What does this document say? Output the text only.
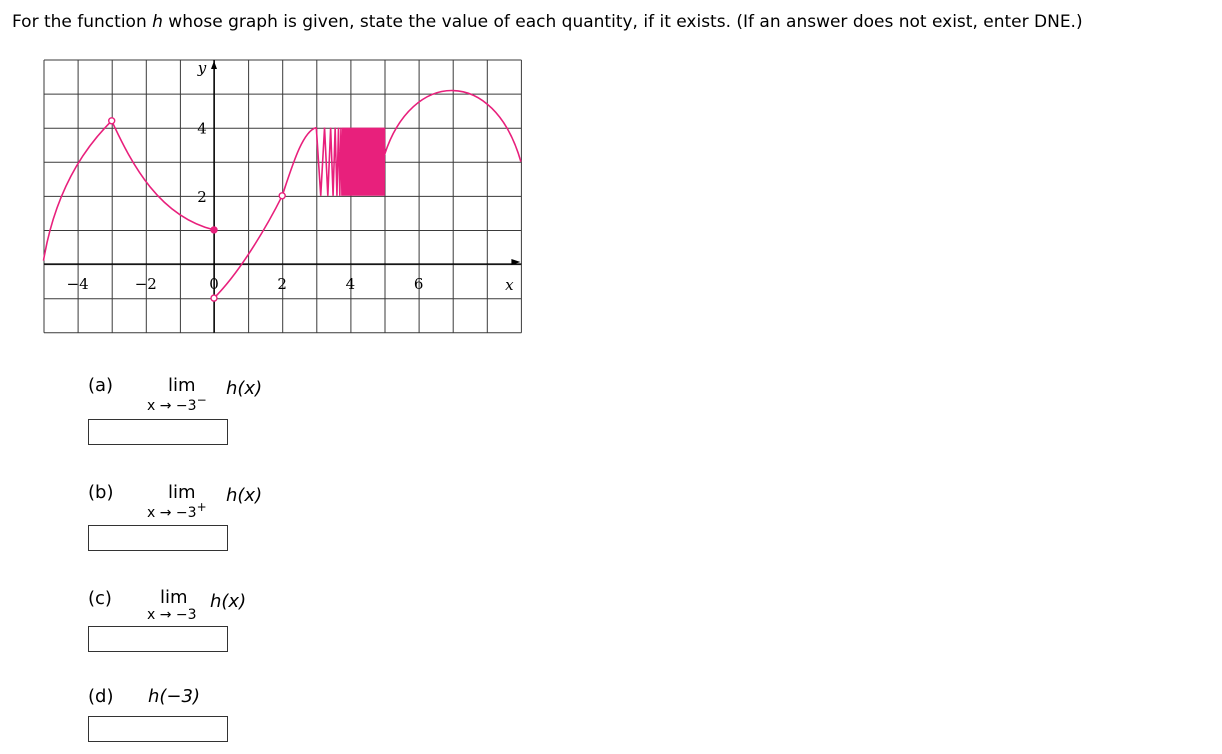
For the function h whose graph is given, state the value of each quantity, if it exists. (If an answer does not exist, enter DNE.)
−4	−2	0	2	4	6
4
2
x
y
(a)	lim
x → −3−
h(x)
(b)	lim
x → −3+
h(x)
(c)	lim
x → −3
h(x)
(d) h(−3)
